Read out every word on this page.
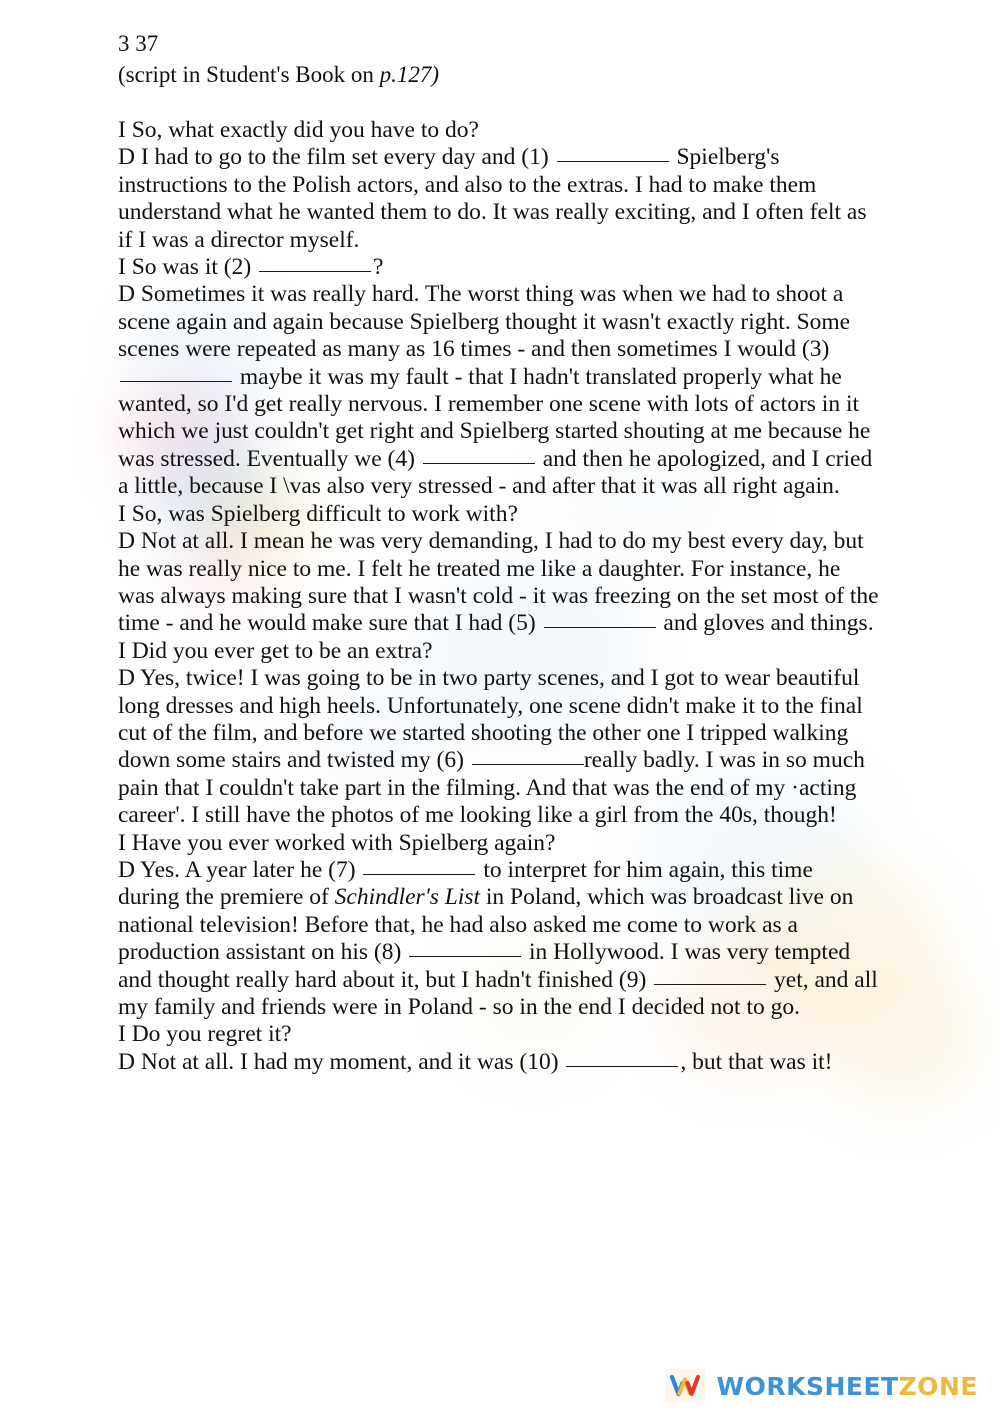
3 37
(script in Student's Book on p.127)

I So, what exactly did you have to do?

D I had to go to the film set every day and (1)	Spielberg's instructions to the Polish actors, and also to the extras. I had to make them understand what he wanted them to do. It was really exciting, and I often felt as if I was a director myself.

I So was it (2)	?

D Sometimes it was really hard. The worst thing was when we had to shoot a scene again and again because Spielberg thought it wasn't exactly right. Some scenes were repeated as many as 16 times - and then sometimes I would (3)  maybe it was my fault - that I hadn't translated properly what he wanted, so I'd get really nervous. I remember one scene with lots of actors in it which we just couldn't get right and Spielberg started shouting at me because he was stressed. Eventually we (4)	and then he apologized, and I cried a little, because I \vas also very stressed - and after that it was all right again.

I So, was Spielberg difficult to work with?

D Not at all. I mean he was very demanding, I had to do my best every day, but he was really nice to me. I felt he treated me like a daughter. For instance, he was always making sure that I wasn't cold - it was freezing on the set most of the time - and he would make sure that I had (5)	and gloves and things.

I Did you ever get to be an extra?

D Yes, twice! I was going to be in two party scenes, and I got to wear beautiful long dresses and high heels. Unfortunately, one scene didn't make it to the final cut of the film, and before we started shooting the other one I tripped walking down some stairs and twisted my (6)	really badly. I was in so much pain that I couldn't take part in the filming. And that was the end of my ·acting career'. I still have the photos of me looking like a girl from the 40s, though!

I Have you ever worked with Spielberg again?

D Yes. A year later he (7)	to interpret for him again, this time during the premiere of Schindler's List in Poland, which was broadcast live on national television! Before that, he had also asked me come to work as a production assistant on his (8)	in Hollywood. I was very tempted and thought really hard about it, but I hadn't finished (9)	yet, and all my family and friends were in Poland - so in the end I decided not to go.

I Do you regret it?

D Not at all. I had my moment, and it was (10)	, but that was it!

WORKSHEETZONE
